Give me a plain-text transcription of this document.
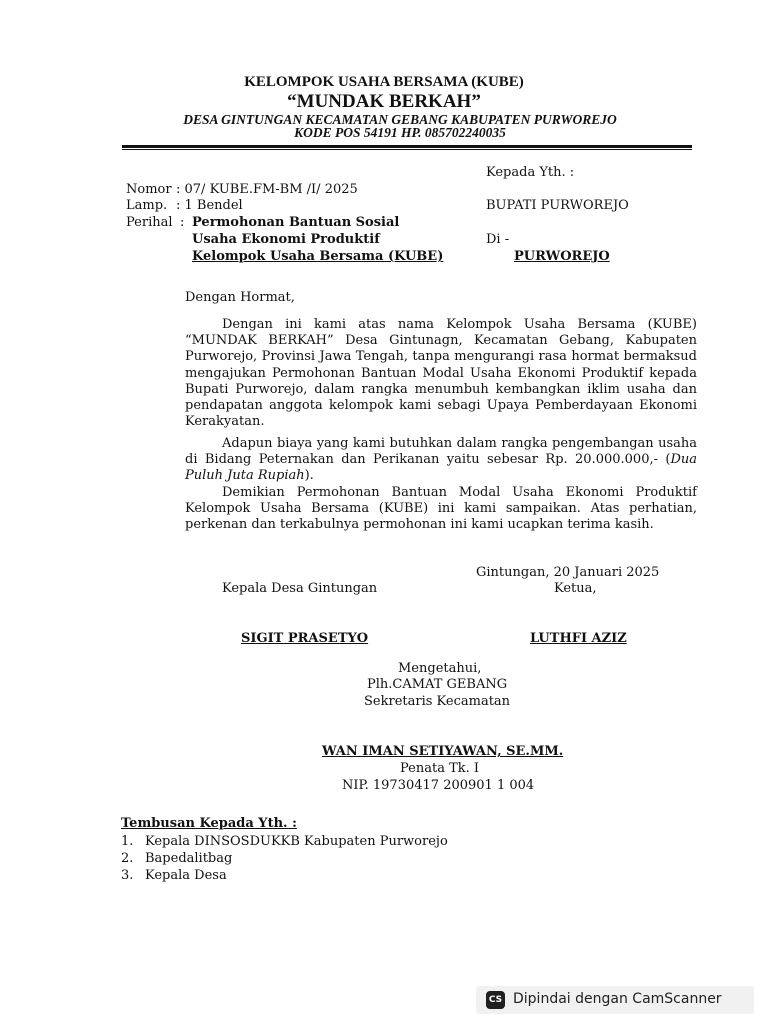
KELOMPOK USAHA BERSAMA (KUBE)
“MUNDAK BERKAH”
DESA GINTUNGAN KECAMATAN GEBANG KABUPATEN PURWOREJO
KODE POS 54191 HP. 085702240035
Kepada Yth. :
BUPATI PURWOREJO
Di -
PURWOREJO
Nomor : 07/ KUBE.FM-BM /I/ 2025
Lamp. : 1 Bendel
Perihal : Permohonan Bantuan Sosial
Usaha Ekonomi Produktif
Kelompok Usaha Bersama (KUBE)
Dengan Hormat,
Dengan ini kami atas nama Kelompok Usaha Bersama (KUBE) “MUNDAK BERKAH” Desa Gintunagn, Kecamatan Gebang, Kabupaten Purworejo, Provinsi Jawa Tengah, tanpa mengurangi rasa hormat bermaksud mengajukan Permohonan Bantuan Modal Usaha Ekonomi Produktif kepada Bupati Purworejo, dalam rangka menumbuh kembangkan iklim usaha dan pendapatan anggota kelompok kami sebagi Upaya Pemberdayaan Ekonomi Kerakyatan.
Adapun biaya yang kami butuhkan dalam rangka pengembangan usaha di Bidang Peternakan dan Perikanan yaitu sebesar Rp. 20.000.000,- (Dua Puluh Juta Rupiah).
Demikian Permohonan Bantuan Modal Usaha Ekonomi Produktif Kelompok Usaha Bersama (KUBE) ini kami sampaikan. Atas perhatian, perkenan dan terkabulnya permohonan ini kami ucapkan terima kasih.
Gintungan, 20 Januari 2025
Kepala Desa Gintungan	Ketua,
SIGIT PRASETYO	LUTHFI AZIZ
Mengetahui,
Plh.CAMAT GEBANG
Sekretaris Kecamatan
WAN IMAN SETIYAWAN, SE.MM.
Penata Tk. I
NIP. 19730417 200901 1 004
Tembusan Kepada Yth. :
1. Kepala DINSOSDUKKB Kabupaten Purworejo
2. Bapedalitbag
3. Kepala Desa
CS Dipindai dengan CamScanner
